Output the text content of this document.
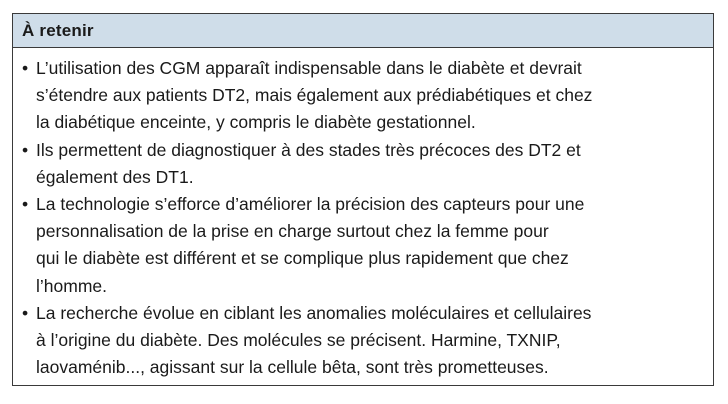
À retenir
• L’utilisation des CGM apparaît indispensable dans le diabète et devrait
s’étendre aux patients DT2, mais également aux prédiabétiques et chez
la diabétique enceinte, y compris le diabète gestationnel.
• Ils permettent de diagnostiquer à des stades très précoces des DT2 et
également des DT1.
• La technologie s’efforce d’améliorer la précision des capteurs pour une
personnalisation de la prise en charge surtout chez la femme pour
qui le diabète est différent et se complique plus rapidement que chez
l’homme.
• La recherche évolue en ciblant les anomalies moléculaires et cellulaires
à l’origine du diabète. Des molécules se précisent. Harmine, TXNIP,
laovaménib..., agissant sur la cellule bêta, sont très prometteuses.
